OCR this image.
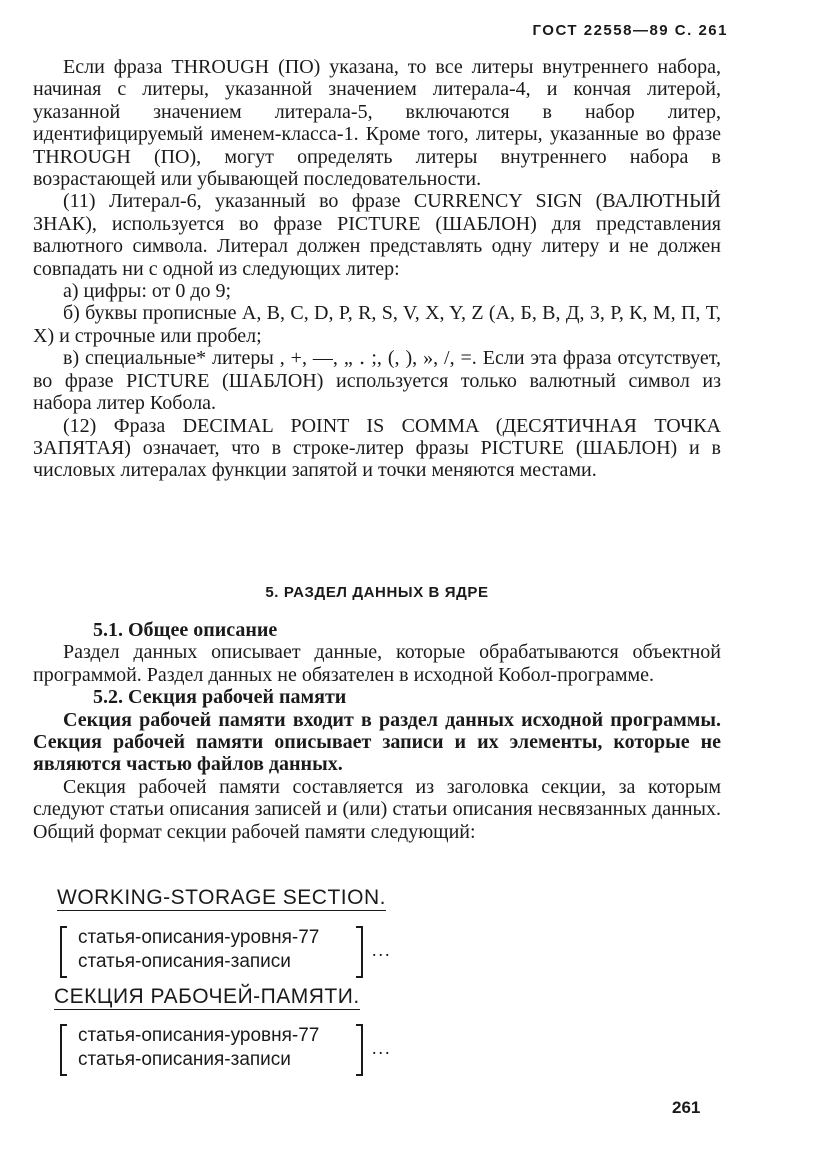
ГОСТ 22558—89 С. 261

Если фраза THROUGH (ПО) указана, то все литеры внутреннего набора, начиная с литеры, указанной значением литерала-4, и кончая литерой, указанной значением литерала-5, включаются в набор литер, идентифицируемый именем-класса-1. Кроме того, литеры, указанные во фразе THROUGH (ПО), могут определять литеры внутреннего набора в возрастающей или убывающей последовательности.

(11) Литерал-6, указанный во фразе CURRENCY SIGN (ВАЛЮТНЫЙ ЗНАК), используется во фразе PICTURE (ШАБЛОН) для представления валютного символа. Литерал должен представлять одну литеру и не должен совпадать ни с одной из следующих литер:

а) цифры: от 0 до 9;

б) буквы прописные А, В, С, D, P, R, S, V, X, Y, Z (А, Б, В, Д, З, Р, К, М, П, Т, Х) и строчные или пробел;

в) специальные* литеры , +, —, „ ․ ;, (, ), », /, =. Если эта фраза отсутствует, во фразе PICTURE (ШАБЛОН) используется только валютный символ из набора литер Кобола.

(12) Фраза DECIMAL POINT IS COMMA (ДЕСЯТИЧНАЯ ТОЧКА ЗАПЯТАЯ) означает, что в строке-литер фразы PICTURE (ШАБЛОН) и в числовых литералах функции запятой и точки меняются местами.

5. РАЗДЕЛ ДАННЫХ В ЯДРЕ

5.1. Общее описание

Раздел данных описывает данные, которые обрабатываются объектной программой. Раздел данных не обязателен в исходной Кобол-программе.

5.2. Секция рабочей памяти

Секция рабочей памяти входит в раздел данных исходной программы. Секция рабочей памяти описывает записи и их элементы, которые не являются частью файлов данных.

Секция рабочей памяти составляется из заголовка секции, за которым следуют статьи описания записей и (или) статьи описания несвязанных данных. Общий формат секции рабочей памяти следующий:

WORKING-STORAGE SECTION.
статья-описания-уровня-77
статья-описания-записи
...
СЕКЦИЯ РАБОЧЕЙ-ПАМЯТИ.
статья-описания-уровня-77
статья-описания-записи
...
261
